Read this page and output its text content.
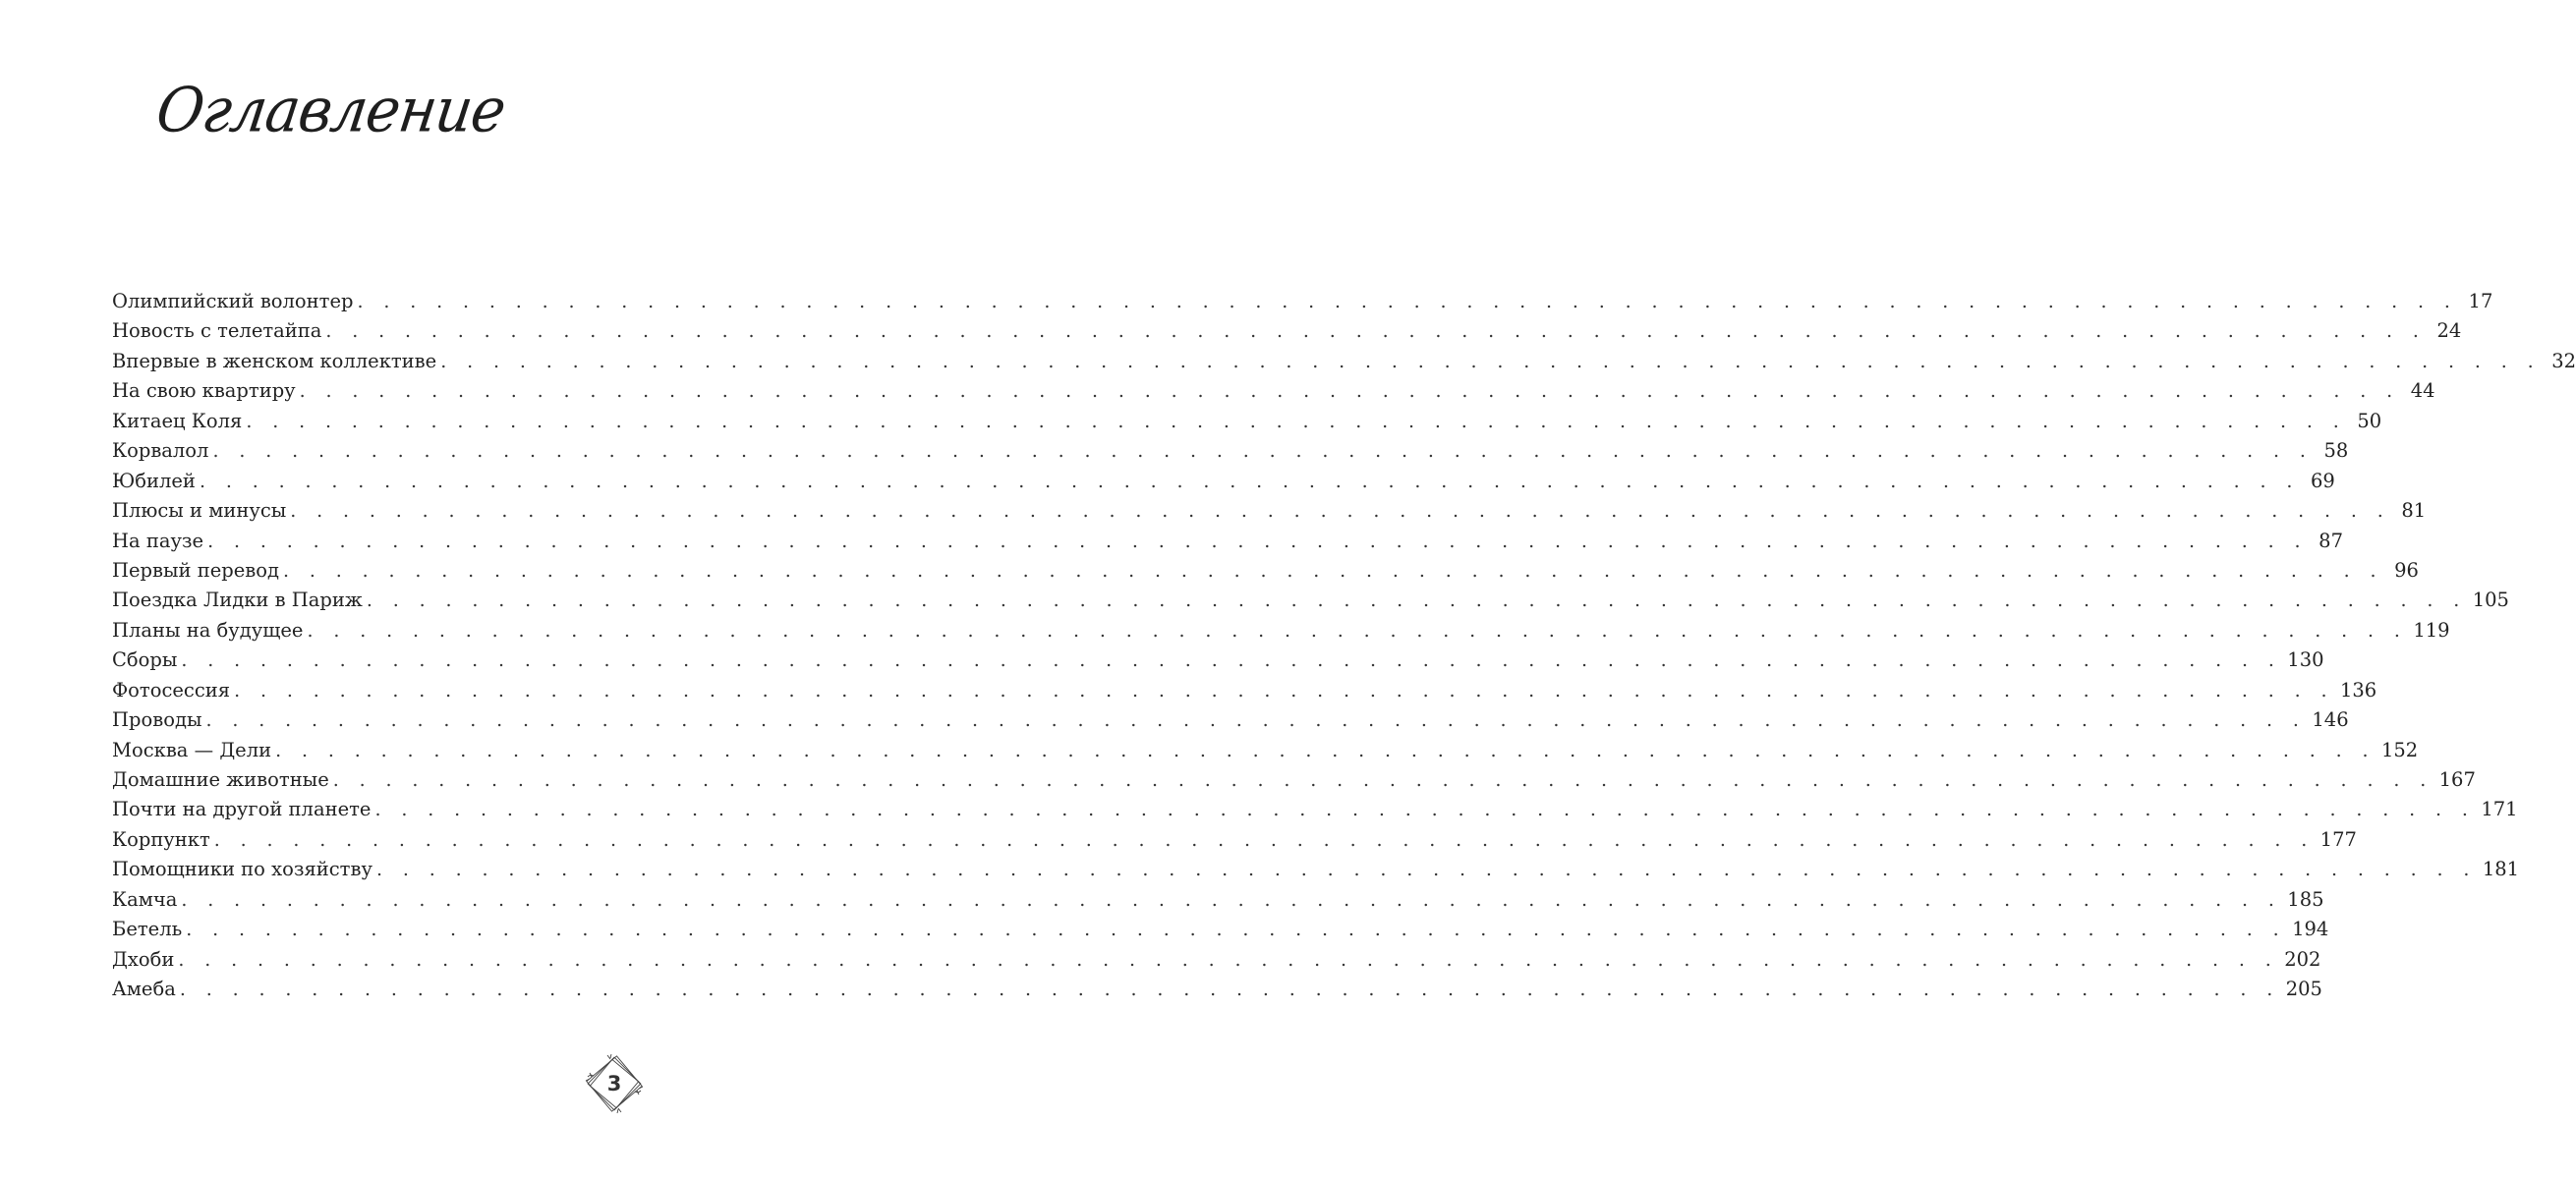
Оглавление
Олимпийский волонтер . . . . . . . . . . . . . . . . . . . . . . . . . . . . . . . . . . . . . . . . . . . . . . . . . . . . . . . . . . . . . . . . . . . . . . . . . . . . . . . . 17
Новость с телетайпа . . . . . . . . . . . . . . . . . . . . . . . . . . . . . . . . . . . . . . . . . . . . . . . . . . . . . . . . . . . . . . . . . . . . . . . . . . . . . . . . 24
Впервые в женском коллективе . . . . . . . . . . . . . . . . . . . . . . . . . . . . . . . . . . . . . . . . . . . . . . . . . . . . . . . . . . . . . . . . . . . . . . . . . . . . . . . . 32
На свою квартиру . . . . . . . . . . . . . . . . . . . . . . . . . . . . . . . . . . . . . . . . . . . . . . . . . . . . . . . . . . . . . . . . . . . . . . . . . . . . . . . . 44
Китаец Коля . . . . . . . . . . . . . . . . . . . . . . . . . . . . . . . . . . . . . . . . . . . . . . . . . . . . . . . . . . . . . . . . . . . . . . . . . . . . . . . . 50
Корвалол . . . . . . . . . . . . . . . . . . . . . . . . . . . . . . . . . . . . . . . . . . . . . . . . . . . . . . . . . . . . . . . . . . . . . . . . . . . . . . . . 58
Юбилей . . . . . . . . . . . . . . . . . . . . . . . . . . . . . . . . . . . . . . . . . . . . . . . . . . . . . . . . . . . . . . . . . . . . . . . . . . . . . . . . 69
Плюсы и минусы . . . . . . . . . . . . . . . . . . . . . . . . . . . . . . . . . . . . . . . . . . . . . . . . . . . . . . . . . . . . . . . . . . . . . . . . . . . . . . . . 81
На паузе . . . . . . . . . . . . . . . . . . . . . . . . . . . . . . . . . . . . . . . . . . . . . . . . . . . . . . . . . . . . . . . . . . . . . . . . . . . . . . . . 87
Первый перевод . . . . . . . . . . . . . . . . . . . . . . . . . . . . . . . . . . . . . . . . . . . . . . . . . . . . . . . . . . . . . . . . . . . . . . . . . . . . . . . . 96
Поездка Лидки в Париж . . . . . . . . . . . . . . . . . . . . . . . . . . . . . . . . . . . . . . . . . . . . . . . . . . . . . . . . . . . . . . . . . . . . . . . . . . . . . . . . 105
Планы на будущее . . . . . . . . . . . . . . . . . . . . . . . . . . . . . . . . . . . . . . . . . . . . . . . . . . . . . . . . . . . . . . . . . . . . . . . . . . . . . . . . 119
Сборы . . . . . . . . . . . . . . . . . . . . . . . . . . . . . . . . . . . . . . . . . . . . . . . . . . . . . . . . . . . . . . . . . . . . . . . . . . . . . . . . 130
Фотосессия . . . . . . . . . . . . . . . . . . . . . . . . . . . . . . . . . . . . . . . . . . . . . . . . . . . . . . . . . . . . . . . . . . . . . . . . . . . . . . . . 136
Проводы . . . . . . . . . . . . . . . . . . . . . . . . . . . . . . . . . . . . . . . . . . . . . . . . . . . . . . . . . . . . . . . . . . . . . . . . . . . . . . . . 146
Москва — Дели . . . . . . . . . . . . . . . . . . . . . . . . . . . . . . . . . . . . . . . . . . . . . . . . . . . . . . . . . . . . . . . . . . . . . . . . . . . . . . . . 152
Домашние животные . . . . . . . . . . . . . . . . . . . . . . . . . . . . . . . . . . . . . . . . . . . . . . . . . . . . . . . . . . . . . . . . . . . . . . . . . . . . . . . . 167
Почти на другой планете . . . . . . . . . . . . . . . . . . . . . . . . . . . . . . . . . . . . . . . . . . . . . . . . . . . . . . . . . . . . . . . . . . . . . . . . . . . . . . . . 171
Корпункт . . . . . . . . . . . . . . . . . . . . . . . . . . . . . . . . . . . . . . . . . . . . . . . . . . . . . . . . . . . . . . . . . . . . . . . . . . . . . . . . 177
Помощники по хозяйству . . . . . . . . . . . . . . . . . . . . . . . . . . . . . . . . . . . . . . . . . . . . . . . . . . . . . . . . . . . . . . . . . . . . . . . . . . . . . . . . 181
Камча . . . . . . . . . . . . . . . . . . . . . . . . . . . . . . . . . . . . . . . . . . . . . . . . . . . . . . . . . . . . . . . . . . . . . . . . . . . . . . . . 185
Бетель . . . . . . . . . . . . . . . . . . . . . . . . . . . . . . . . . . . . . . . . . . . . . . . . . . . . . . . . . . . . . . . . . . . . . . . . . . . . . . . . 194
Дхоби . . . . . . . . . . . . . . . . . . . . . . . . . . . . . . . . . . . . . . . . . . . . . . . . . . . . . . . . . . . . . . . . . . . . . . . . . . . . . . . . 202
Амеба . . . . . . . . . . . . . . . . . . . . . . . . . . . . . . . . . . . . . . . . . . . . . . . . . . . . . . . . . . . . . . . . . . . . . . . . . . . . . . . . 205
3
